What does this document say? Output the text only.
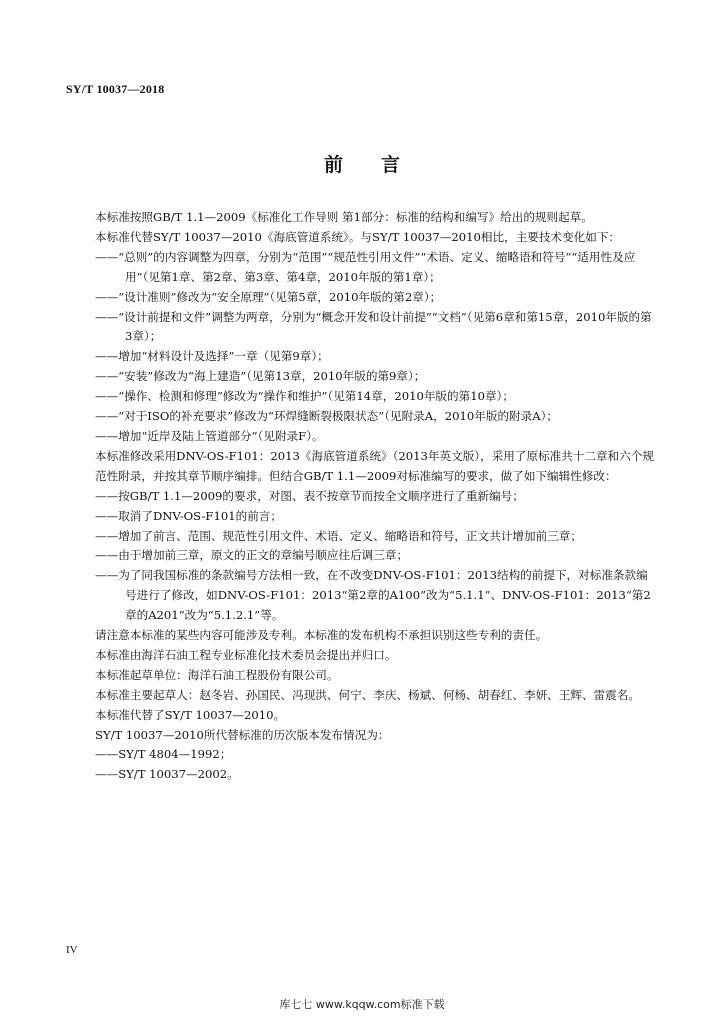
SY/T 10037—2018
前言

本标准按照GB/T 1.1—2009《标准化工作导则 第1部分：标准的结构和编写》给出的规则起草。

本标准代替SY/T 10037—2010《海底管道系统》。与SY/T 10037—2010相比，主要技术变化如下：

——“总则”的内容调整为四章，分别为“范围”“规范性引用文件”“术语、定义、缩略语和符号”“适用性及应用”（见第1章、第2章、第3章、第4章，2010年版的第1章）；

——“设计准则”修改为“安全原理”（见第5章，2010年版的第2章）；

——“设计前提和文件”调整为两章，分别为“概念开发和设计前提”“文档”（见第6章和第15章，2010年版的第3章）；

——增加“材料设计及选择”一章（见第9章）；

——“安装”修改为“海上建造”（见第13章，2010年版的第9章）；

——“操作、检测和修理”修改为“操作和维护”（见第14章，2010年版的第10章）；

——“对于ISO的补充要求”修改为“环焊缝断裂极限状态”（见附录A，2010年版的附录A）；

——增加“近岸及陆上管道部分”（见附录F）。

本标准修改采用DNV-OS-F101：2013《海底管道系统》（2013年英文版），采用了原标准共十二章和六个规范性附录，并按其章节顺序编排。但结合GB/T 1.1—2009对标准编写的要求，做了如下编辑性修改：

——按GB/T 1.1—2009的要求，对图、表不按章节而按全文顺序进行了重新编号；

——取消了DNV-OS-F101的前言；

——增加了前言、范围、规范性引用文件、术语、定义、缩略语和符号，正文共计增加前三章；

——由于增加前三章，原文的正文的章编号顺应往后调三章；

——为了同我国标准的条款编号方法相一致，在不改变DNV-OS-F101：2013结构的前提下，对标准条款编号进行了修改，如DNV-OS-F101：2013“第2章的A100”改为“5.1.1”、DNV-OS-F101：2013“第2章的A201”改为“5.1.2.1”等。

请注意本标准的某些内容可能涉及专利。本标准的发布机构不承担识别这些专利的责任。

本标准由海洋石油工程专业标准化技术委员会提出并归口。

本标准起草单位：海洋石油工程股份有限公司。

本标准主要起草人：赵冬岩、孙国民、冯现洪、何宁、李庆、杨斌、何杨、胡春红、李妍、王辉、雷震名。

本标准代替了SY/T 10037—2010。

SY/T 10037—2010所代替标准的历次版本发布情况为：

——SY/T 4804—1992；

——SY/T 10037—2002。

IV
库七七 www.kqqw.com标准下载
